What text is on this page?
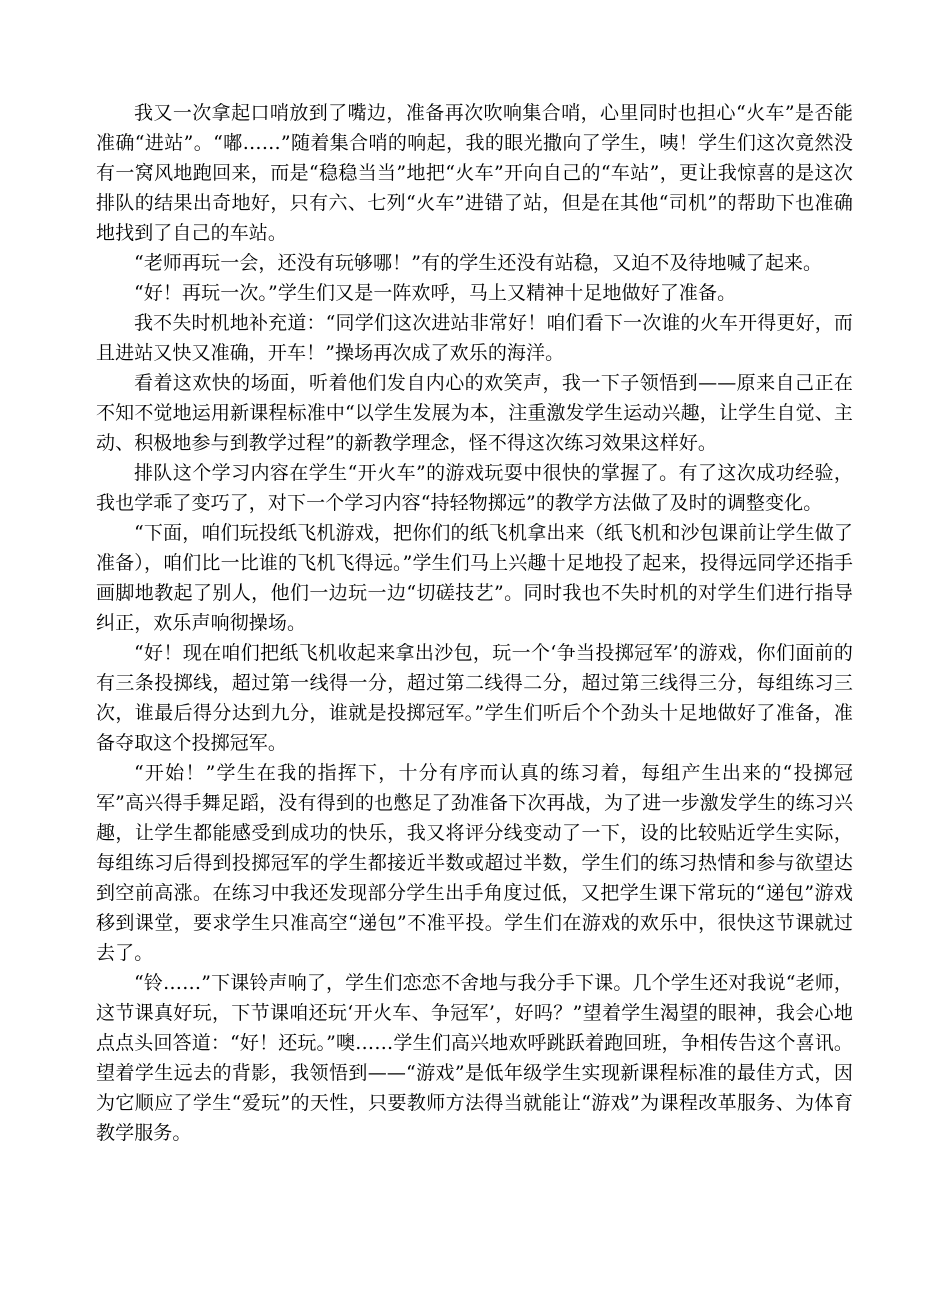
我又一次拿起口哨放到了嘴边，准备再次吹响集合哨，心里同时也担心“火车”是否能准确“进站”。“嘟……”随着集合哨的响起，我的眼光撒向了学生，咦！学生们这次竟然没有一窝风地跑回来，而是“稳稳当当”地把“火车”开向自己的“车站”，更让我惊喜的是这次排队的结果出奇地好，只有六、七列“火车”进错了站，但是在其他“司机”的帮助下也准确地找到了自己的车站。

“老师再玩一会，还没有玩够哪！”有的学生还没有站稳，又迫不及待地喊了起来。

“好！再玩一次。”学生们又是一阵欢呼，马上又精神十足地做好了准备。

我不失时机地补充道：“同学们这次进站非常好！咱们看下一次谁的火车开得更好，而且进站又快又准确，开车！”操场再次成了欢乐的海洋。

看着这欢快的场面，听着他们发自内心的欢笑声，我一下子领悟到——原来自己正在不知不觉地运用新课程标准中“以学生发展为本，注重激发学生运动兴趣，让学生自觉、主动、积极地参与到教学过程”的新教学理念，怪不得这次练习效果这样好。

排队这个学习内容在学生“开火车”的游戏玩耍中很快的掌握了。有了这次成功经验，我也学乖了变巧了，对下一个学习内容“持轻物掷远”的教学方法做了及时的调整变化。

“下面，咱们玩投纸飞机游戏，把你们的纸飞机拿出来（纸飞机和沙包课前让学生做了准备），咱们比一比谁的飞机飞得远。”学生们马上兴趣十足地投了起来，投得远同学还指手画脚地教起了别人，他们一边玩一边“切磋技艺”。同时我也不失时机的对学生们进行指导纠正，欢乐声响彻操场。

“好！现在咱们把纸飞机收起来拿出沙包，玩一个‘争当投掷冠军’的游戏，你们面前的有三条投掷线，超过第一线得一分，超过第二线得二分，超过第三线得三分，每组练习三次，谁最后得分达到九分，谁就是投掷冠军。”学生们听后个个劲头十足地做好了准备，准备夺取这个投掷冠军。

“开始！”学生在我的指挥下，十分有序而认真的练习着，每组产生出来的“投掷冠军”高兴得手舞足蹈，没有得到的也憋足了劲准备下次再战，为了进一步激发学生的练习兴趣，让学生都能感受到成功的快乐，我又将评分线变动了一下，设的比较贴近学生实际，每组练习后得到投掷冠军的学生都接近半数或超过半数，学生们的练习热情和参与欲望达到空前高涨。在练习中我还发现部分学生出手角度过低，又把学生课下常玩的“递包”游戏移到课堂，要求学生只准高空“递包”不准平投。学生们在游戏的欢乐中，很快这节课就过去了。

“铃……”下课铃声响了，学生们恋恋不舍地与我分手下课。几个学生还对我说“老师，这节课真好玩，下节课咱还玩‘开火车、争冠军’，好吗？”望着学生渴望的眼神，我会心地点点头回答道：“好！还玩。”噢……学生们高兴地欢呼跳跃着跑回班，争相传告这个喜讯。望着学生远去的背影，我领悟到——“游戏”是低年级学生实现新课程标准的最佳方式，因为它顺应了学生“爱玩”的天性，只要教师方法得当就能让“游戏”为课程改革服务、为体育教学服务。
